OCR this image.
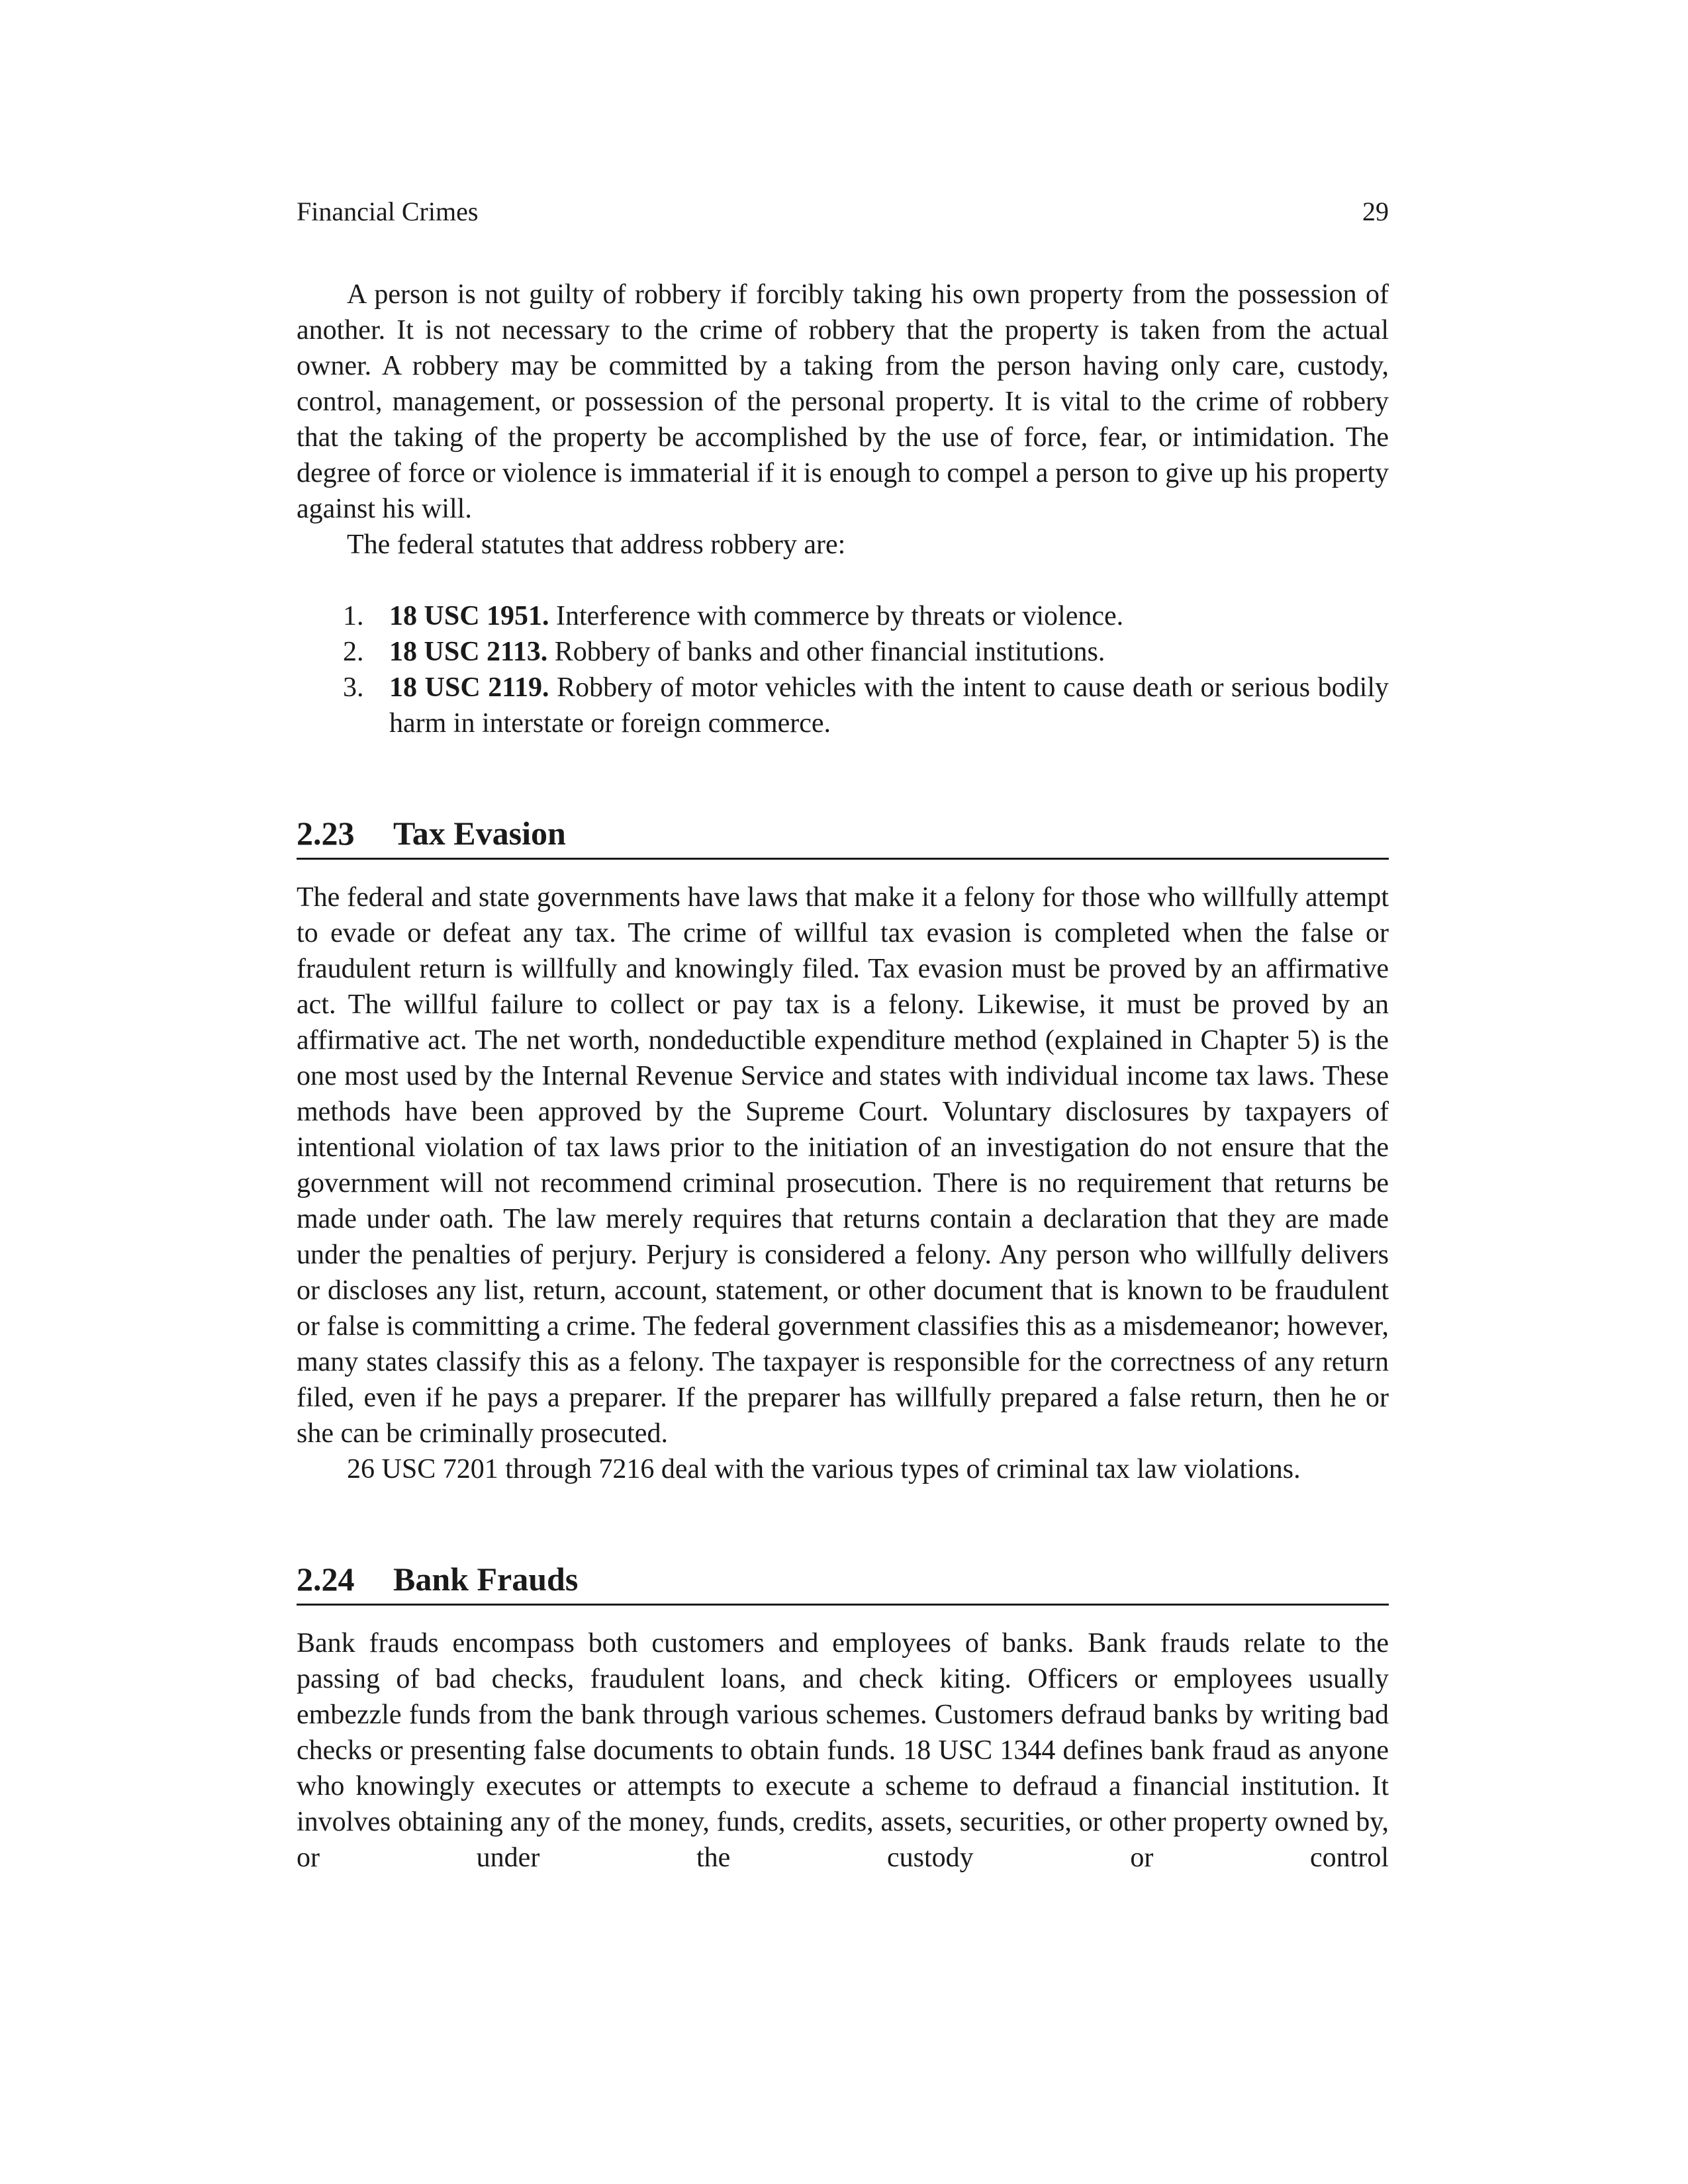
Financial Crimes	29

A person is not guilty of robbery if forcibly taking his own property from the possession of another. It is not necessary to the crime of robbery that the property is taken from the actual owner. A robbery may be committed by a taking from the person having only care, custody, control, management, or possession of the personal property. It is vital to the crime of robbery that the taking of the property be accomplished by the use of force, fear, or intimidation. The degree of force or violence is immaterial if it is enough to compel a person to give up his property against his will.

The federal statutes that address robbery are:

1. 18 USC 1951. Interference with commerce by threats or violence.
2. 18 USC 2113. Robbery of banks and other financial institutions.
3. 18 USC 2119. Robbery of motor vehicles with the intent to cause death or serious bodily harm in interstate or foreign commerce.
2.23	Tax Evasion

The federal and state governments have laws that make it a felony for those who willfully attempt to evade or defeat any tax. The crime of willful tax evasion is completed when the false or fraudulent return is willfully and knowingly filed. Tax evasion must be proved by an affirmative act. The willful failure to collect or pay tax is a felony. Likewise, it must be proved by an affirmative act. The net worth, nondeductible expenditure method (explained in Chapter 5) is the one most used by the Internal Revenue Service and states with individual income tax laws. These methods have been approved by the Supreme Court. Voluntary disclosures by taxpayers of intentional violation of tax laws prior to the initiation of an investigation do not ensure that the government will not recommend criminal prosecution. There is no requirement that returns be made under oath. The law merely requires that returns contain a declaration that they are made under the penalties of perjury. Perjury is considered a felony. Any person who willfully delivers or discloses any list, return, account, statement, or other document that is known to be fraudulent or false is committing a crime. The federal government classifies this as a misdemeanor; however, many states classify this as a felony. The taxpayer is responsible for the correctness of any return filed, even if he pays a preparer. If the preparer has willfully prepared a false return, then he or she can be criminally prosecuted.

26 USC 7201 through 7216 deal with the various types of criminal tax law violations.

2.24	Bank Frauds

Bank frauds encompass both customers and employees of banks. Bank frauds relate to the passing of bad checks, fraudulent loans, and check kiting. Officers or employees usually embezzle funds from the bank through various schemes. Customers defraud banks by writing bad checks or presenting false documents to obtain funds. 18 USC 1344 defines bank fraud as anyone who knowingly executes or attempts to execute a scheme to defraud a financial institution. It involves obtaining any of the money, funds, credits, assets, securities, or other property owned by, or under the custody or control
